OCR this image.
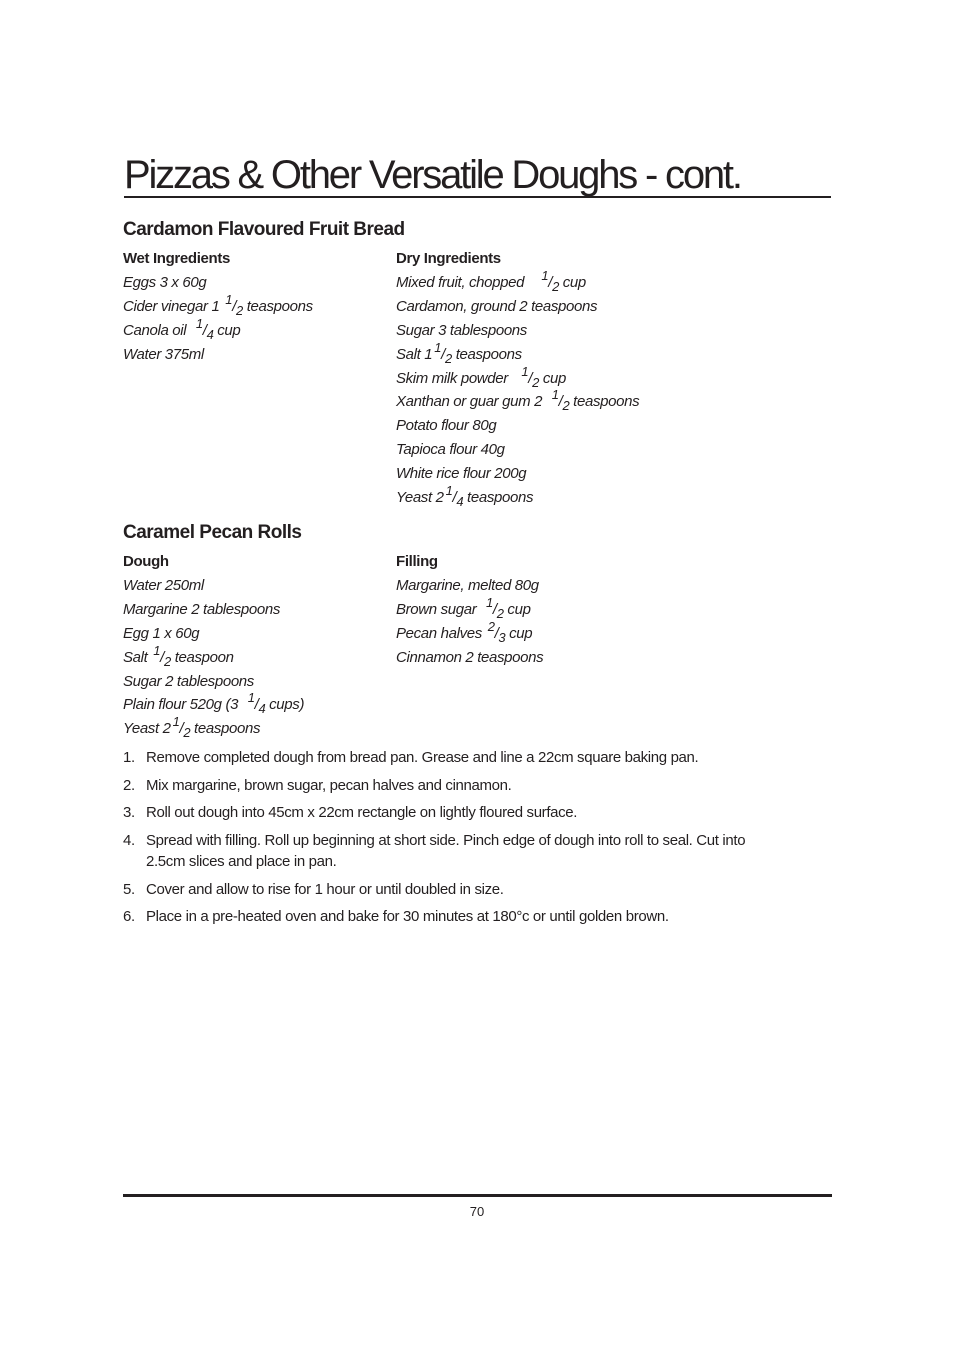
Pizzas & Other Versatile Doughs - cont.
Cardamon Flavoured Fruit Bread
Wet Ingredients
Eggs 3 x 60g
Cider vinegar 1 $^1/_2$ teaspoons
Canola oil  $^1/_4$ cup
Water 375ml
Dry Ingredients
Mixed fruit, chopped    $^1/_2$ cup
Cardamon, ground 2 teaspoons
Sugar 3 tablespoons
Salt 1 $^1/_2$ teaspoons
Skim milk powder   $^1/_2$ cup
Xanthan or guar gum 2  $^1/_2$ teaspoons
Potato flour 80g
Tapioca flour 40g
White rice flour 200g
Yeast 2 $^1/_4$ teaspoons
Caramel Pecan Rolls
Dough
Water 250ml
Margarine 2 tablespoons
Egg 1 x 60g
Salt $^1/_2$ teaspoon
Sugar 2 tablespoons
Plain flour 520g (3  $^1/_4$ cups)
Yeast 2 $^1/_2$ teaspoons
Filling
Margarine, melted 80g
Brown sugar  $^1/_2$ cup
Pecan halves $^2/_3$ cup
Cinnamon 2 teaspoons
1. Remove completed dough from bread pan. Grease and line a 22cm square baking pan.
2. Mix margarine, brown sugar, pecan halves and cinnamon.
3. Roll out dough into 45cm x 22cm rectangle on lightly floured surface.
4. Spread with filling. Roll up beginning at short side. Pinch edge of dough into roll to seal. Cut into 2.5cm slices and place in pan.
5. Cover and allow to rise for 1 hour or until doubled in size.
6. Place in a pre-heated oven and bake for 30 minutes at 180°c or until golden brown.
70
